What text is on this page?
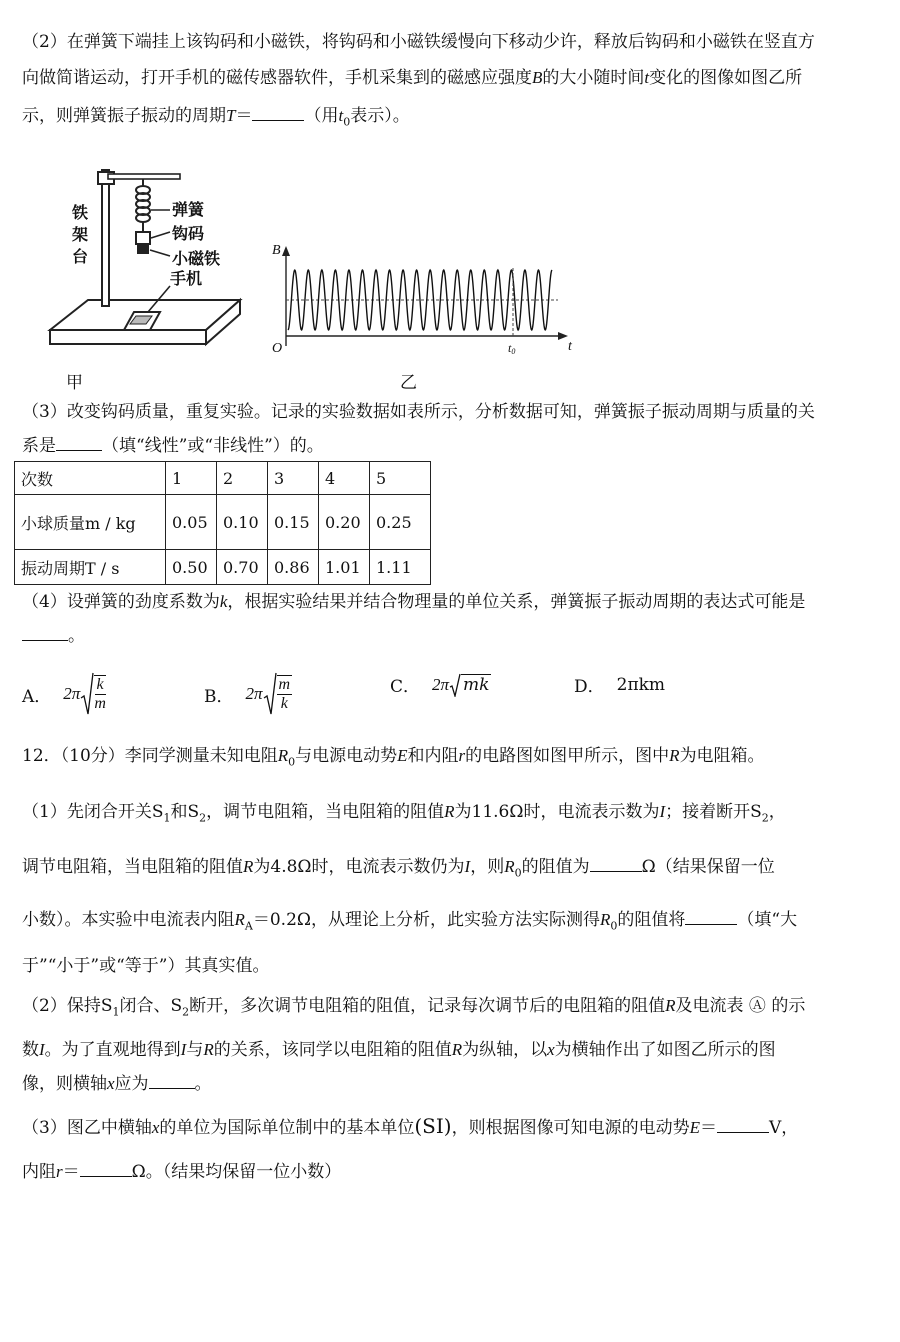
（2）在弹簧下端挂上该钩码和小磁铁，将钩码和小磁铁缓慢向下移动少许，释放后钩码和小磁铁在竖直方
向做简谐运动，打开手机的磁传感器软件，手机采集到的磁感应强度B的大小随时间t变化的图像如图乙所
示，则弹簧振子振动的周期T＝	（用$t_0$表示）。
铁
架
台
弹簧
钩码
小磁铁
手机
B
t
O	t0
甲	乙
（3）改变钩码质量，重复实验。记录的实验数据如表所示，分析数据可知，弹簧振子振动周期与质量的关
系是	（填“线性”或“非线性”）的。
次数	1	2	3	4	5
小球质量m / kg	0.05	0.10	0.15	0.20	0.25
振动周期T / s	0.50	0.70	0.86	1.01	1.11
（4）设弹簧的劲度系数为k，根据实验结果并结合物理量的单位关系，弹簧振子振动周期的表达式可能是
。
A． $2\pi \frac{k}{m}$	B． $2\pi \frac{m}{k}$	C． 2π mk	D． 2πkm
12．（10分）李同学测量未知电阻$R_0$与电源电动势E和内阻r的电路图如图甲所示，图中R为电阻箱。
（1）先闭合开关$S_1$和$S_2$，调节电阻箱，当电阻箱的阻值R为11.6Ω时，电流表示数为I；接着断开$S_2$，
调节电阻箱，当电阻箱的阻值R为4.8Ω时，电流表示数仍为I，则$R_0$的阻值为	Ω（结果保留一位
小数）。本实验中电流表内阻$R_A=0.2\Omega$，从理论上分析，此实验方法实际测得$R_0$的阻值将	（填“大
于”“小于”或“等于”）其真实值。
（2）保持$S_1$闭合、$S_2$断开，多次调节电阻箱的阻值，记录每次调节后的电阻箱的阻值R及电流表 Ⓐ 的示
数I。为了直观地得到I与R的关系，该同学以电阻箱的阻值R为纵轴，以x为横轴作出了如图乙所示的图
像，则横轴x应为	。
（3）图乙中横轴x的单位为国际单位制中的基本单位(SI)，则根据图像可知电源的电动势E＝	V，
内阻r＝	Ω。（结果均保留一位小数）
